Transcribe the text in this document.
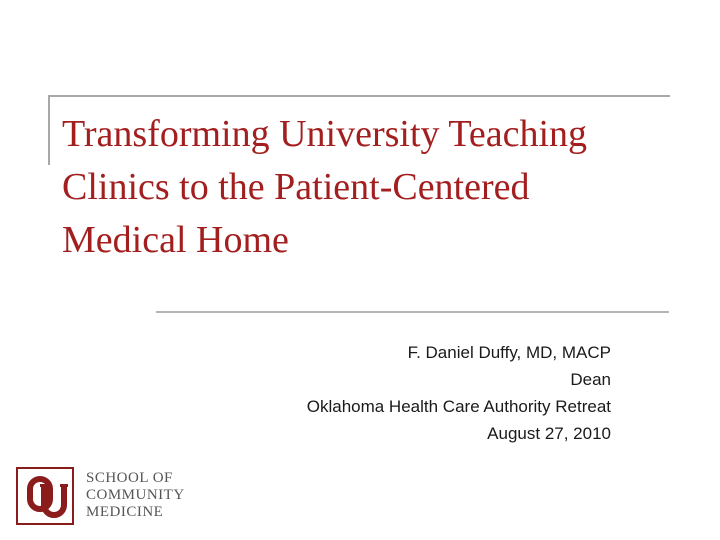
Transforming University Teaching
Clinics to the Patient-Centered
Medical Home
F. Daniel Duffy, MD, MACP
Dean
Oklahoma Health Care Authority Retreat
August 27, 2010
SCHOOL OF
COMMUNITY
MEDICINE
